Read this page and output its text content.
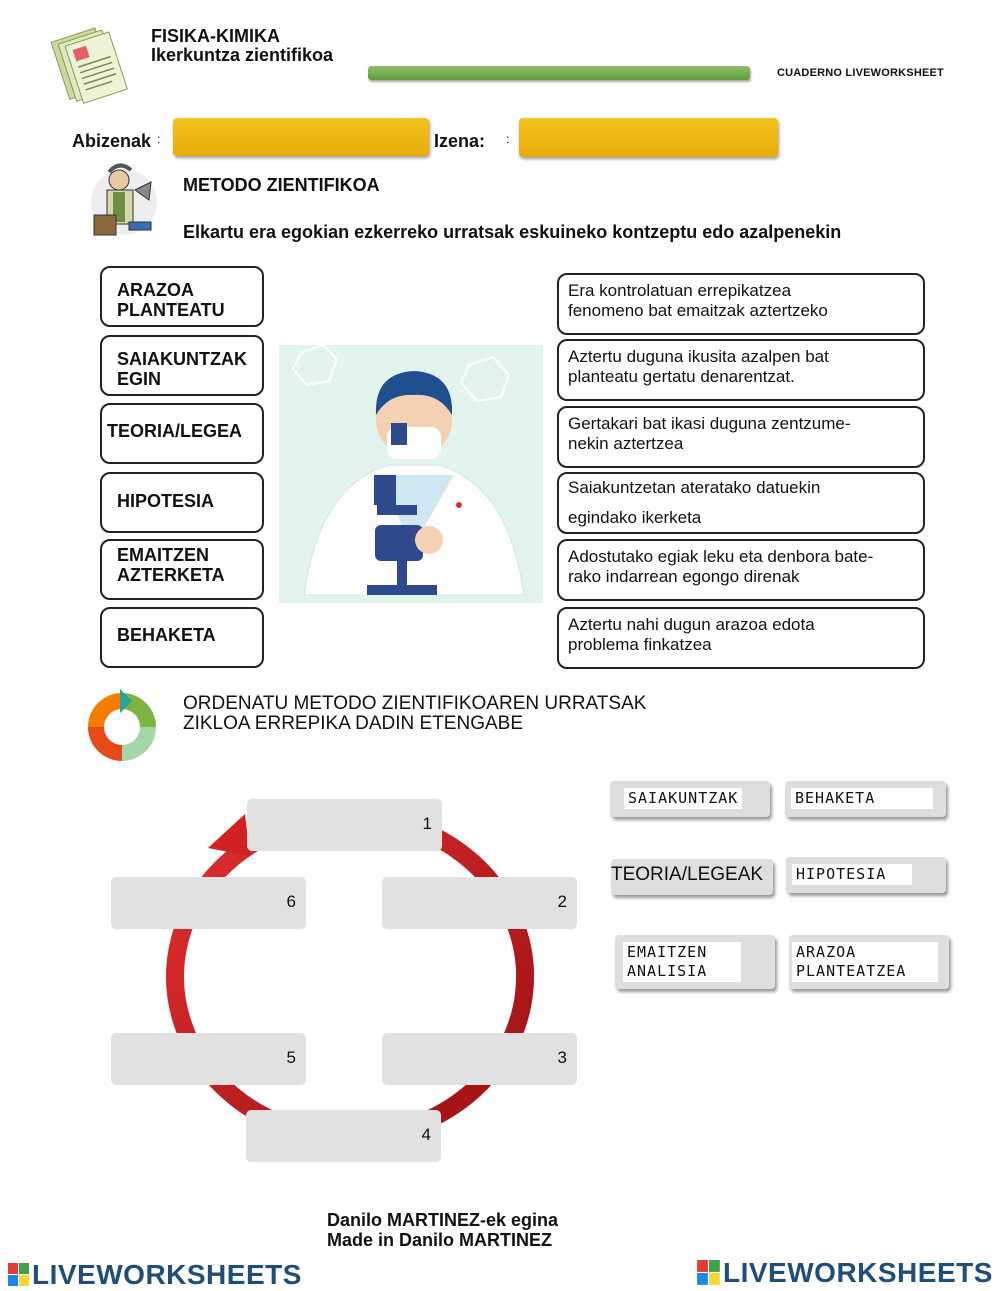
FISIKA-KIMIKA
Ikerkuntza zientifikoa
CUADERNO LIVEWORKSHEET
Abizenak :	Izena: :
METODO ZIENTIFIKOA
Elkartu era egokian ezkerreko urratsak eskuineko kontzeptu edo azalpenekin
ARAZOA
PLANTEATU
SAIAKUNTZAK
EGIN
TEORIA/LEGEA
HIPOTESIA
EMAITZEN
AZTERKETA
BEHAKETA
Era kontrolatuan errepikatzea
fenomeno bat emaitzak aztertzeko
Aztertu duguna ikusita azalpen bat
planteatu gertatu denarentzat.
Gertakari bat ikasi duguna zentzume-
nekin aztertzea
Saiakuntzetan ateratako datuekin

egindako ikerketa
Adostutako egiak leku eta denbora bate-
rako indarrean egongo direnak
Aztertu nahi dugun arazoa edota
problema finkatzea
ORDENATU METODO ZIENTIFIKOAREN URRATSAK
ZIKLOA ERREPIKA DADIN ETENGABE
1
2
3
4
5
6
SAIAKUNTZAK	BEHAKETA
TEORIA/LEGEAK HIPOTESIA
EMAITZEN
ANALISIA
ARAZOA
PLANTEATZEA
Danilo MARTINEZ-ek egina
Made in Danilo MARTINEZ
LIVEWORKSHEETS	LIVEWORKSHEETS
